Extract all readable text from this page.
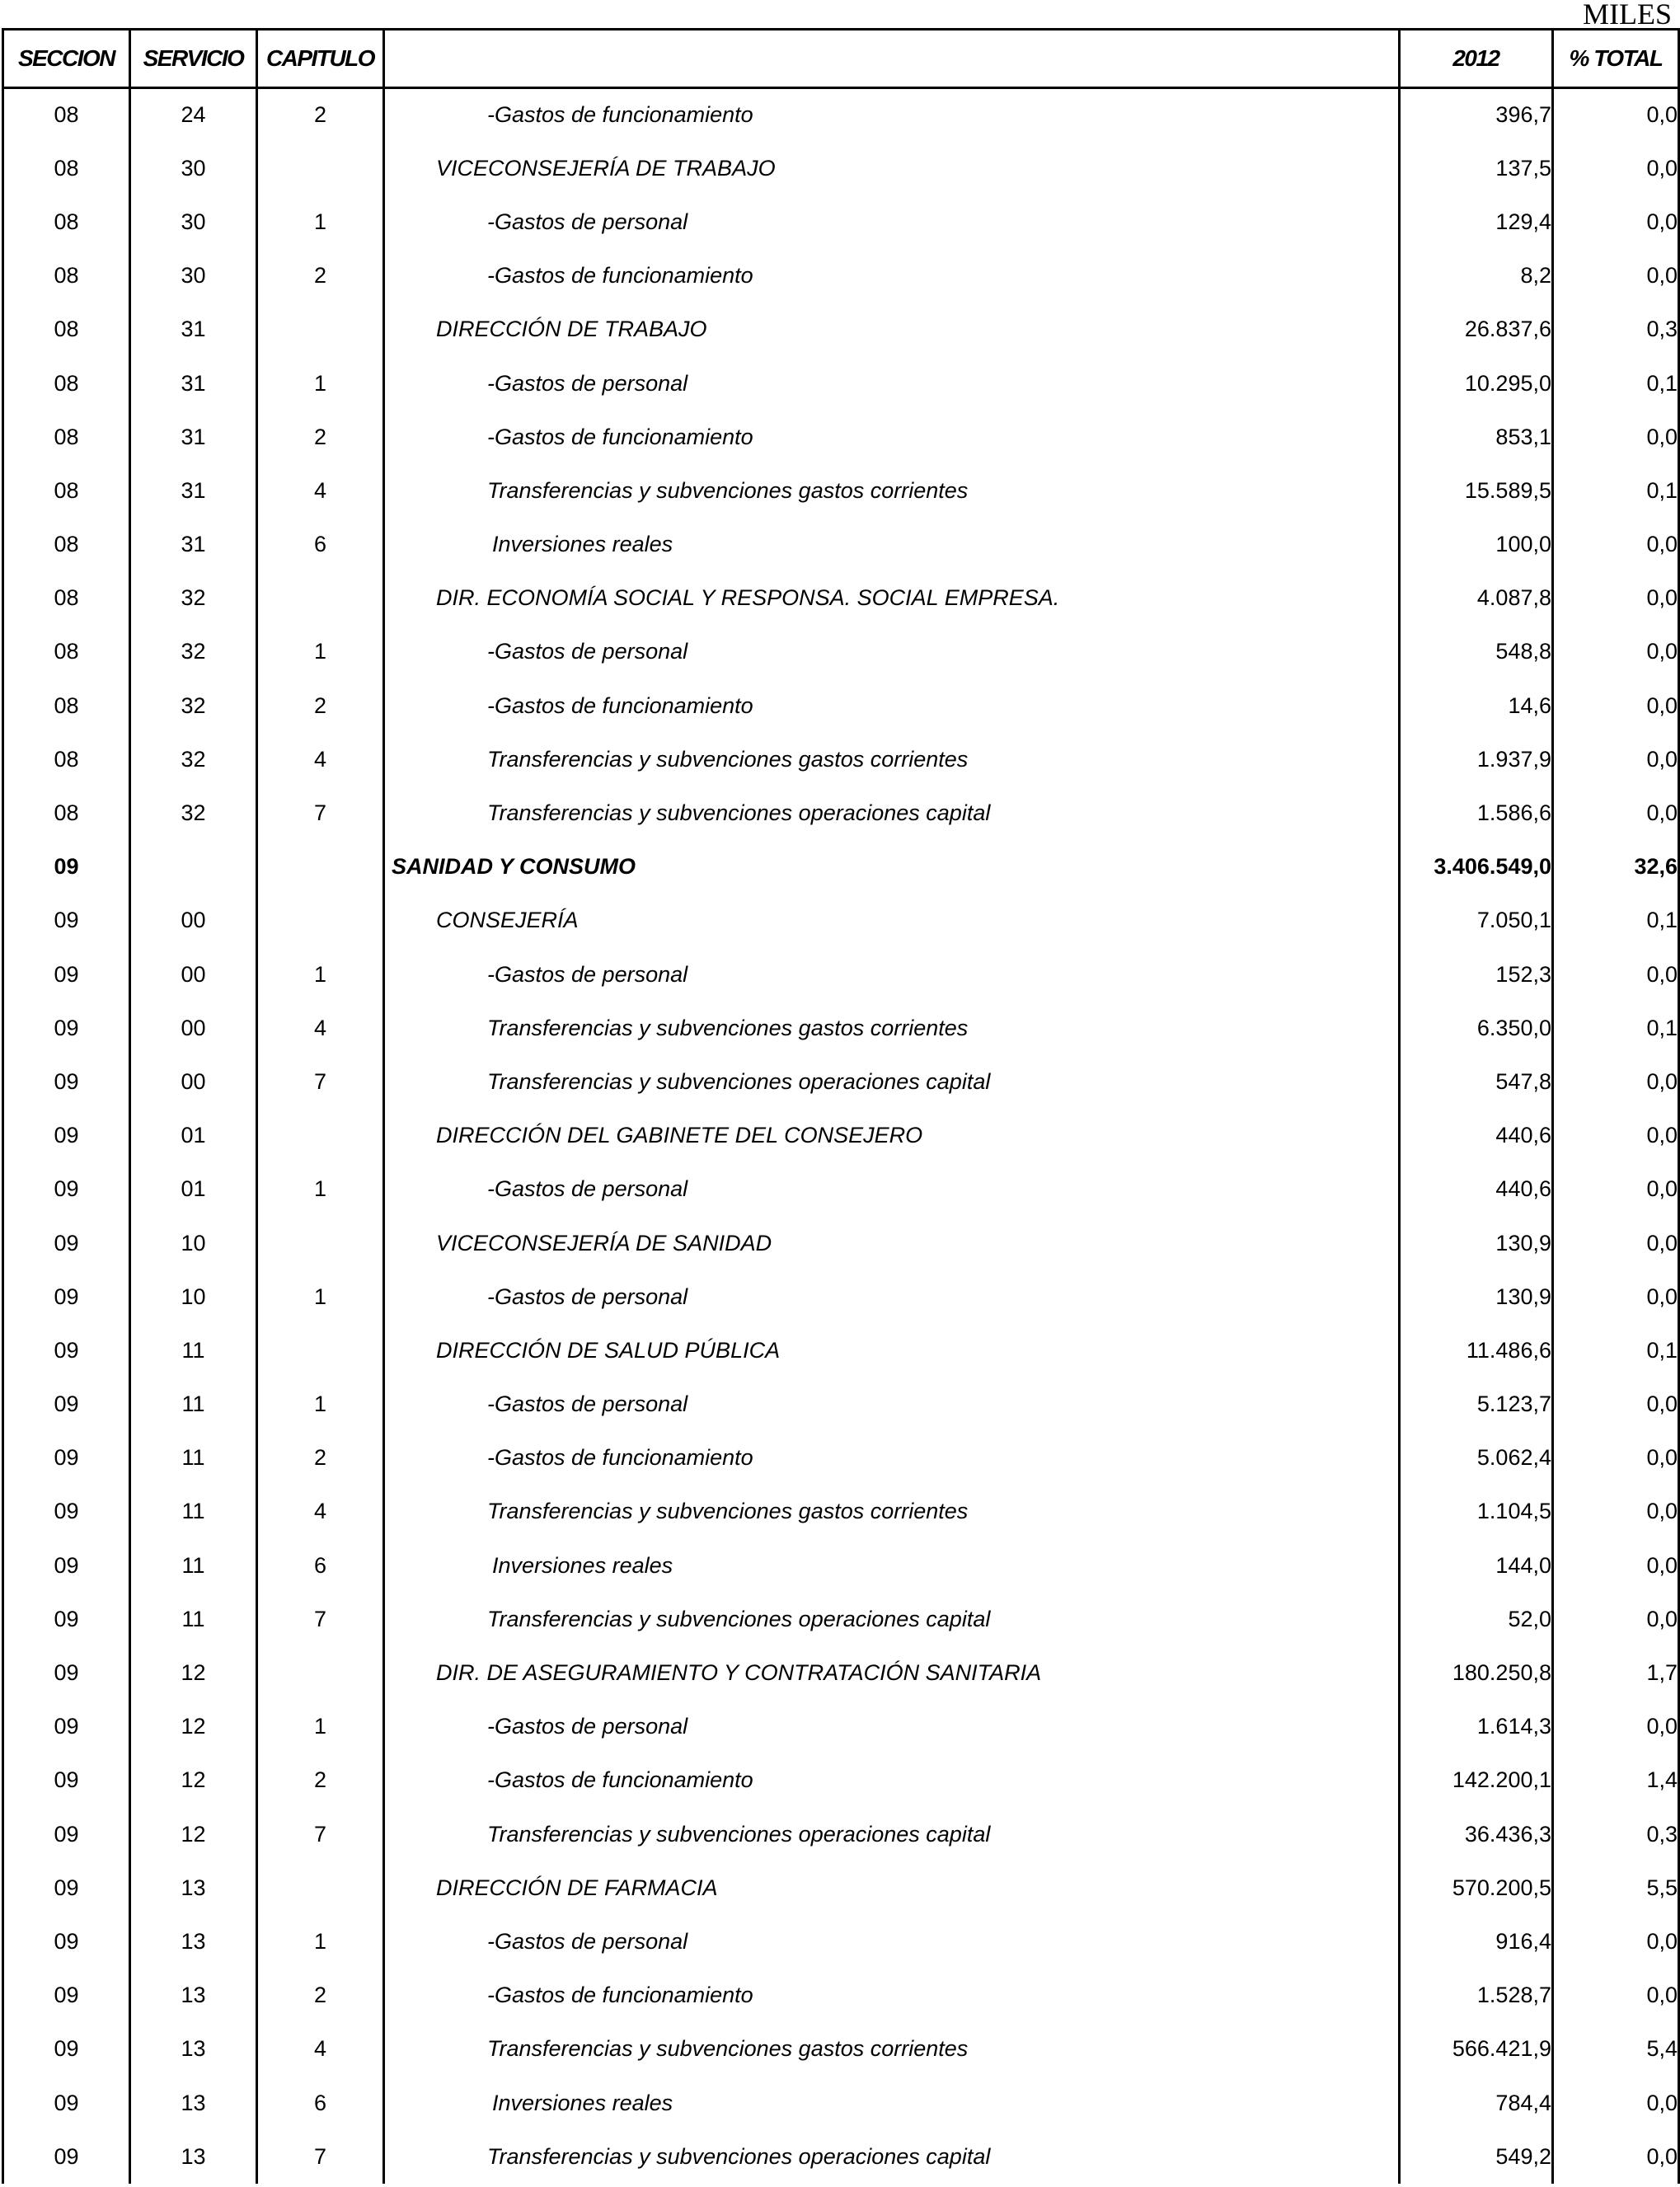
MILES
SECCION	SERVICIO	CAPITULO		2012	% TOTAL
08	24	2	-Gastos de funcionamiento	396,7	0,0
08	30		VICECONSEJERÍA DE TRABAJO	137,5	0,0
08	30	1	-Gastos de personal	129,4	0,0
08	30	2	-Gastos de funcionamiento	8,2	0,0
08	31		DIRECCIÓN DE TRABAJO	26.837,6	0,3
08	31	1	-Gastos de personal	10.295,0	0,1
08	31	2	-Gastos de funcionamiento	853,1	0,0
08	31	4	Transferencias y subvenciones gastos corrientes	15.589,5	0,1
08	31	6	Inversiones reales	100,0	0,0
08	32		DIR. ECONOMÍA SOCIAL Y RESPONSA. SOCIAL EMPRESA.	4.087,8	0,0
08	32	1	-Gastos de personal	548,8	0,0
08	32	2	-Gastos de funcionamiento	14,6	0,0
08	32	4	Transferencias y subvenciones gastos corrientes	1.937,9	0,0
08	32	7	Transferencias y subvenciones operaciones capital	1.586,6	0,0
09			SANIDAD Y CONSUMO	3.406.549,0	32,6
09	00		CONSEJERÍA	7.050,1	0,1
09	00	1	-Gastos de personal	152,3	0,0
09	00	4	Transferencias y subvenciones gastos corrientes	6.350,0	0,1
09	00	7	Transferencias y subvenciones operaciones capital	547,8	0,0
09	01		DIRECCIÓN DEL GABINETE DEL CONSEJERO	440,6	0,0
09	01	1	-Gastos de personal	440,6	0,0
09	10		VICECONSEJERÍA DE SANIDAD	130,9	0,0
09	10	1	-Gastos de personal	130,9	0,0
09	11		DIRECCIÓN DE SALUD PÚBLICA	11.486,6	0,1
09	11	1	-Gastos de personal	5.123,7	0,0
09	11	2	-Gastos de funcionamiento	5.062,4	0,0
09	11	4	Transferencias y subvenciones gastos corrientes	1.104,5	0,0
09	11	6	Inversiones reales	144,0	0,0
09	11	7	Transferencias y subvenciones operaciones capital	52,0	0,0
09	12		DIR. DE ASEGURAMIENTO Y CONTRATACIÓN SANITARIA	180.250,8	1,7
09	12	1	-Gastos de personal	1.614,3	0,0
09	12	2	-Gastos de funcionamiento	142.200,1	1,4
09	12	7	Transferencias y subvenciones operaciones capital	36.436,3	0,3
09	13		DIRECCIÓN DE FARMACIA	570.200,5	5,5
09	13	1	-Gastos de personal	916,4	0,0
09	13	2	-Gastos de funcionamiento	1.528,7	0,0
09	13	4	Transferencias y subvenciones gastos corrientes	566.421,9	5,4
09	13	6	Inversiones reales	784,4	0,0
09	13	7	Transferencias y subvenciones operaciones capital	549,2	0,0
